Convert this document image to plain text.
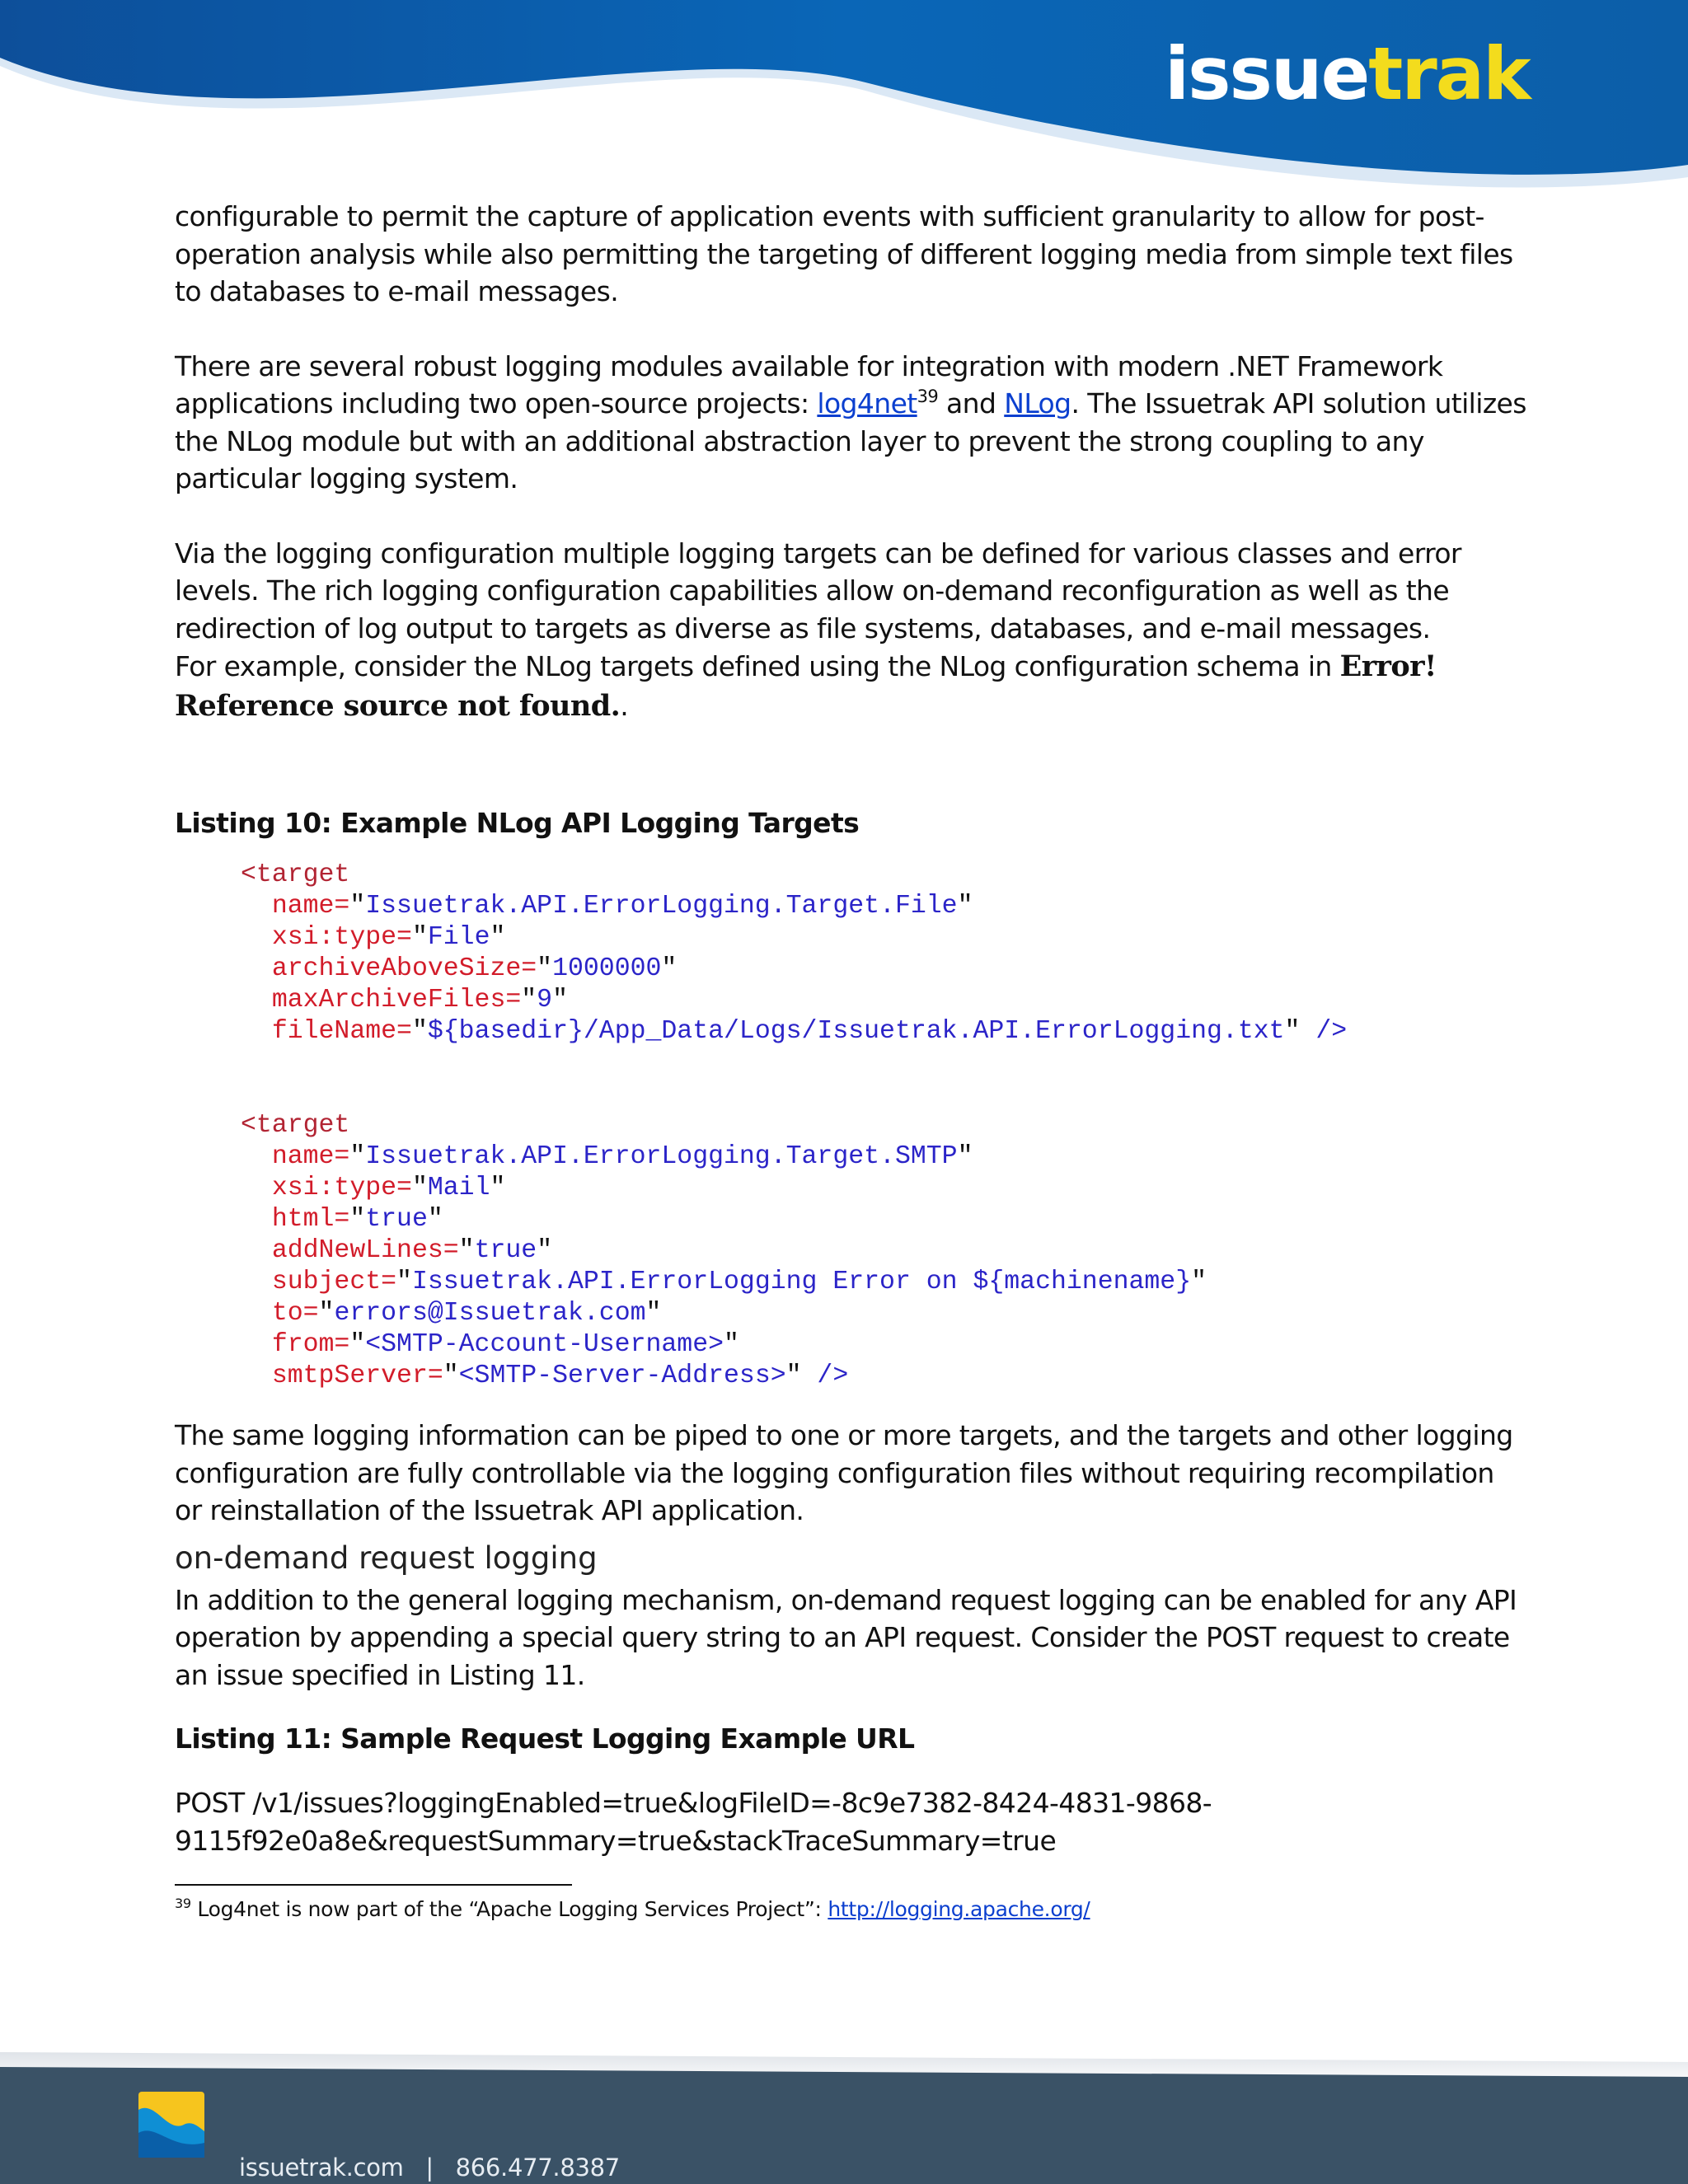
issuetrak

configurable to permit the capture of application events with sufficient granularity to allow for post-operation analysis while also permitting the targeting of different logging media from simple text files to databases to e-mail messages.

There are several robust logging modules available for integration with modern .NET Framework applications including two open-source projects: log4net$^{39}$ and NLog. The Issuetrak API solution utilizes the NLog module but with an additional abstraction layer to prevent the strong coupling to any particular logging system.

Via the logging configuration multiple logging targets can be defined for various classes and error levels. The rich logging configuration capabilities allow on-demand reconfiguration as well as the redirection of log output to targets as diverse as file systems, databases, and e-mail messages.

For example, consider the NLog targets defined using the NLog configuration schema in Error! Reference source not found..

Listing 10: Example NLog API Logging Targets

<target
name="Issuetrak.API.ErrorLogging.Target.File"
xsi:type="File"
archiveAboveSize="1000000"
maxArchiveFiles="9"
fileName="${basedir}/App_Data/Logs/Issuetrak.API.ErrorLogging.txt" />
<target
name="Issuetrak.API.ErrorLogging.Target.SMTP"
xsi:type="Mail"
html="true"
addNewLines="true"
subject="Issuetrak.API.ErrorLogging Error on ${machinename}"
to="errors@Issuetrak.com"
from="<SMTP-Account-Username>"
smtpServer="<SMTP-Server-Address>" />

The same logging information can be piped to one or more targets, and the targets and other logging configuration are fully controllable via the logging configuration files without requiring recompilation or reinstallation of the Issuetrak API application.

on-demand request logging

In addition to the general logging mechanism, on-demand request logging can be enabled for any API operation by appending a special query string to an API request. Consider the POST request to create an issue specified in Listing 11.

Listing 11: Sample Request Logging Example URL

POST /v1/issues?loggingEnabled=true&logFileID=-8c9e7382-8424-4831-9868-

9115f92e0a8e&requestSummary=true&stackTraceSummary=true

$^{39}$ Log4net is now part of the “Apache Logging Services Project”: http://logging.apache.org/

issuetrak.com   |   866.477.8387
